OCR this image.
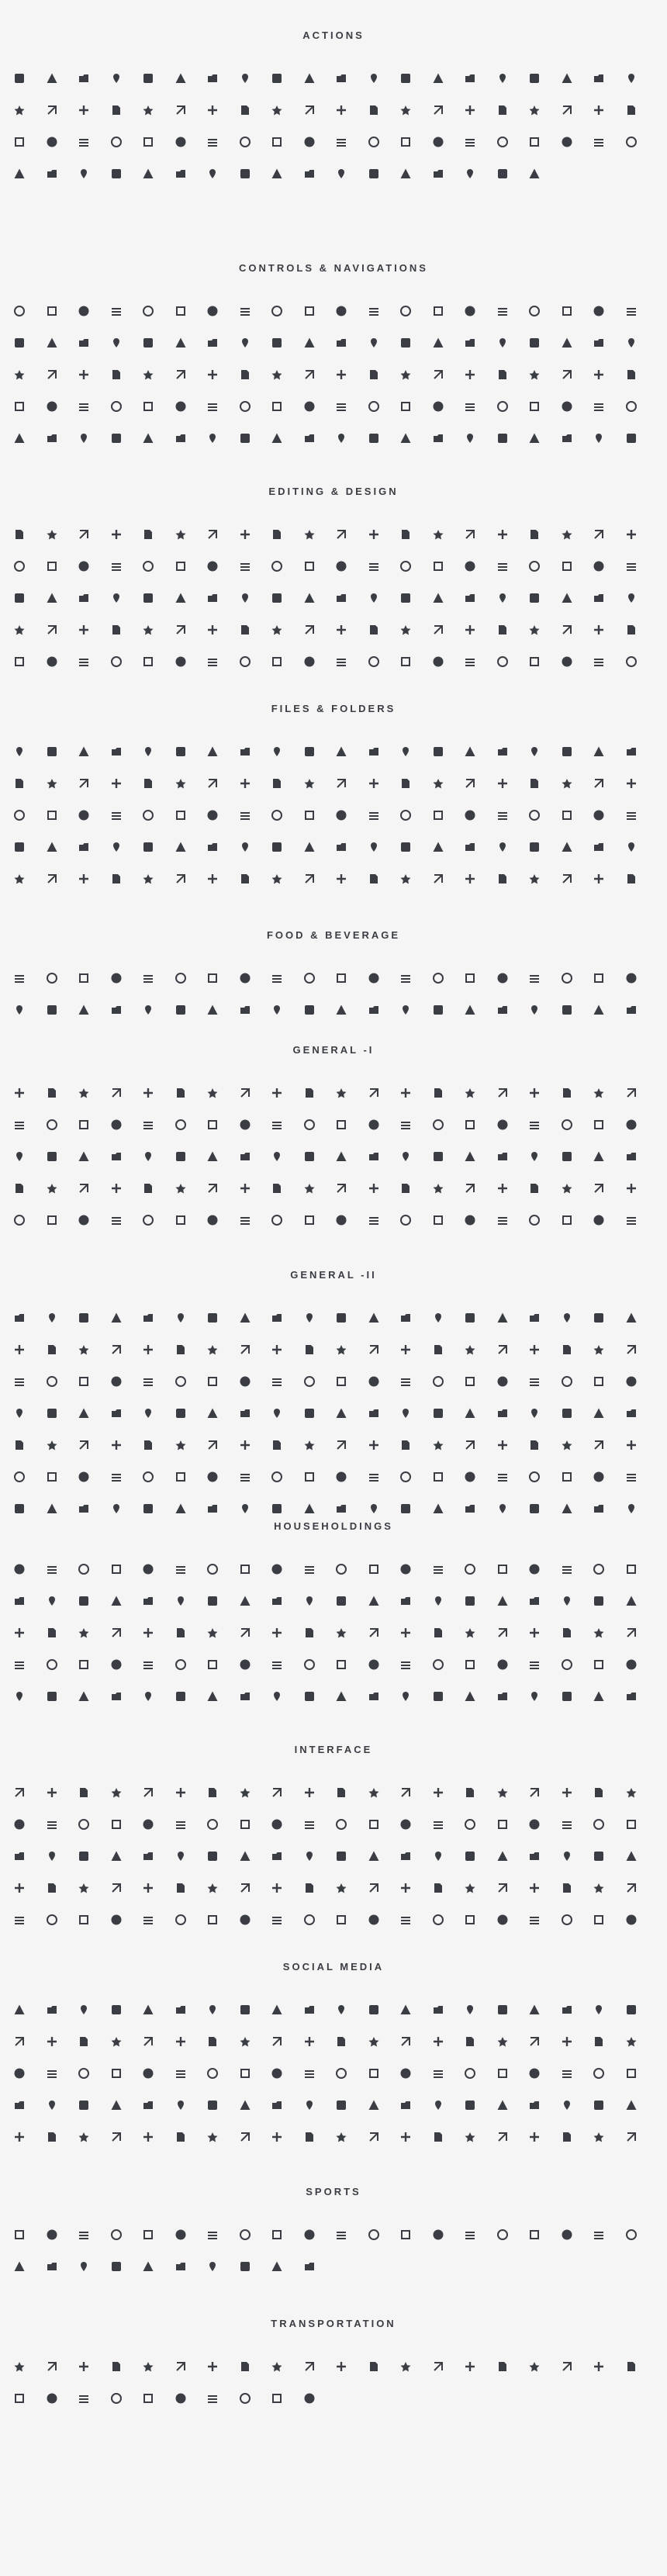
ACTIONS
CONTROLS & NAVIGATIONS
EDITING & DESIGN
FILES & FOLDERS
FOOD & BEVERAGE
GENERAL -I
GENERAL -II
HOUSEHOLDINGS
INTERFACE
SOCIAL MEDIA
SPORTS
TRANSPORTATION
